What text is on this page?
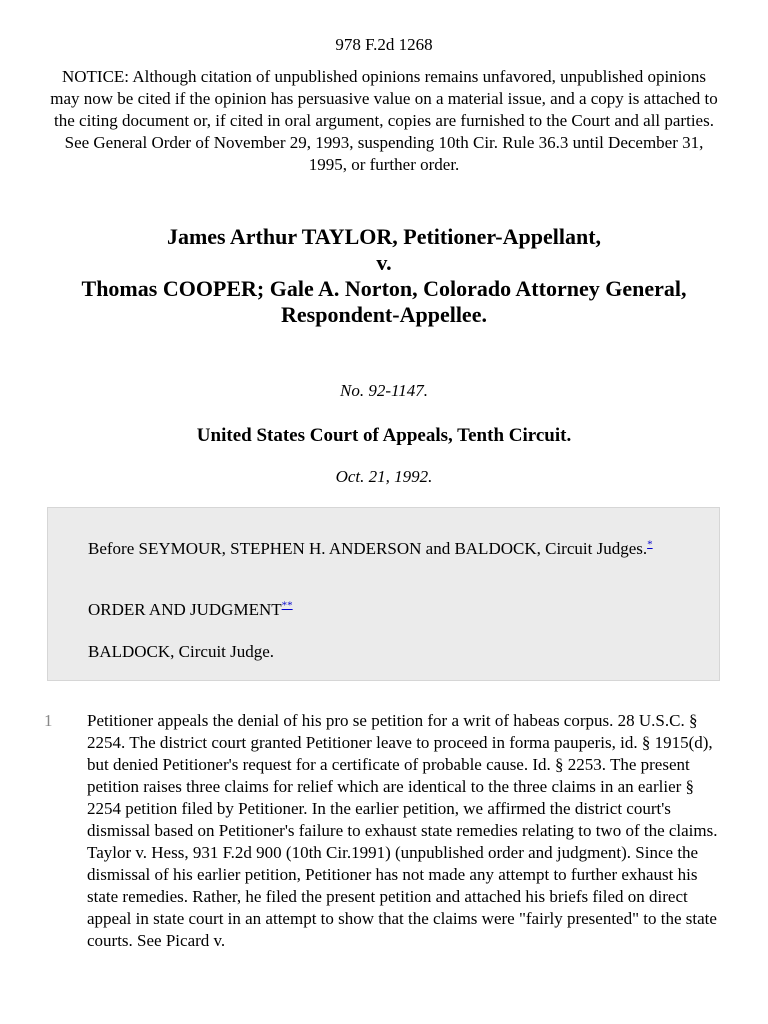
978 F.2d 1268
NOTICE: Although citation of unpublished opinions remains unfavored, unpublished opinions may now be cited if the opinion has persuasive value on a material issue, and a copy is attached to the citing document or, if cited in oral argument, copies are furnished to the Court and all parties. See General Order of November 29, 1993, suspending 10th Cir. Rule 36.3 until December 31, 1995, or further order.
James Arthur TAYLOR, Petitioner-Appellant,
v.
Thomas COOPER; Gale A. Norton, Colorado Attorney General,
Respondent-Appellee.
No. 92-1147.
United States Court of Appeals, Tenth Circuit.
Oct. 21, 1992.

Before SEYMOUR, STEPHEN H. ANDERSON and BALDOCK, Circuit Judges.*

ORDER AND JUDGMENT**

BALDOCK, Circuit Judge.

1 Petitioner appeals the denial of his pro se petition for a writ of habeas corpus. 28 U.S.C. § 2254. The district court granted Petitioner leave to proceed in forma pauperis, id. § 1915(d), but denied Petitioner's request for a certificate of probable cause. Id. § 2253. The present petition raises three claims for relief which are identical to the three claims in an earlier § 2254 petition filed by Petitioner. In the earlier petition, we affirmed the district court's dismissal based on Petitioner's failure to exhaust state remedies relating to two of the claims. Taylor v. Hess, 931 F.2d 900 (10th Cir.1991) (unpublished order and judgment). Since the dismissal of his earlier petition, Petitioner has not made any attempt to further exhaust his state remedies. Rather, he filed the present petition and attached his briefs filed on direct appeal in state court in an attempt to show that the claims were "fairly presented" to the state courts. See Picard v.
